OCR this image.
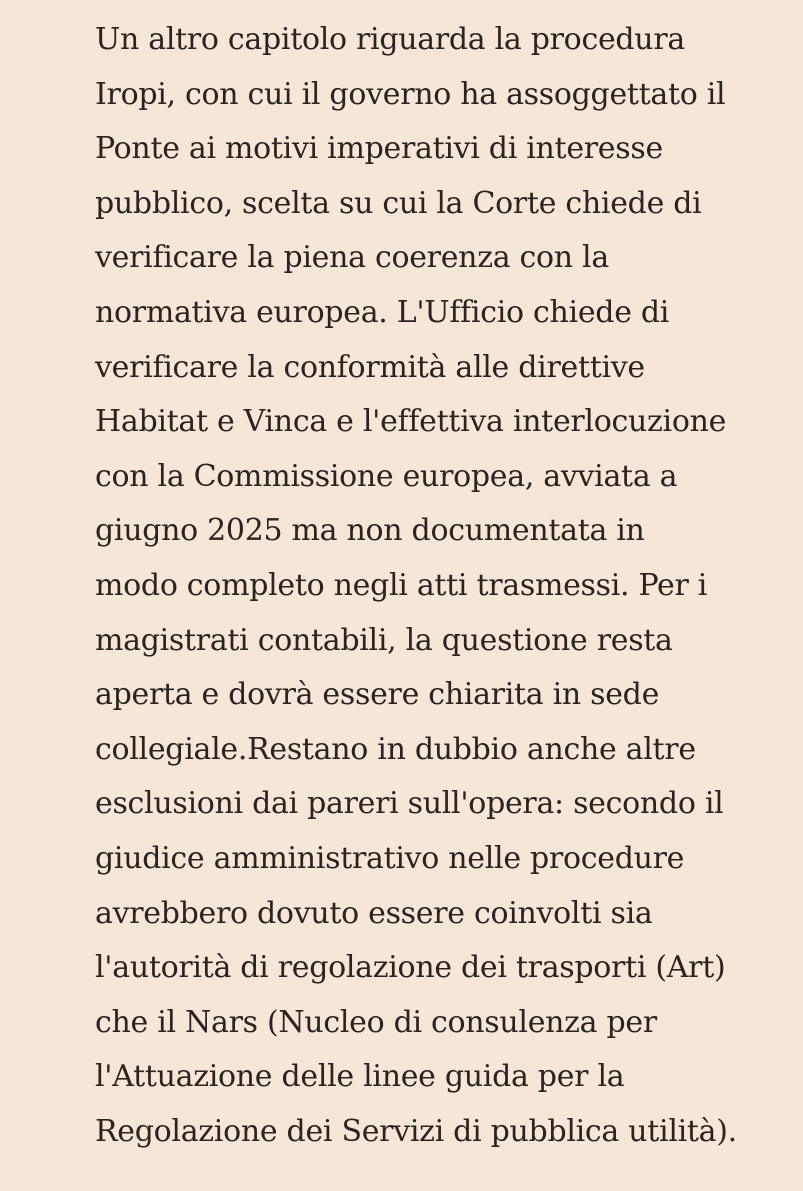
Un altro capitolo riguarda la procedura
Iropi, con cui il governo ha assoggettato il
Ponte ai motivi imperativi di interesse
pubblico, scelta su cui la Corte chiede di
verificare la piena coerenza con la
normativa europea. L'Ufficio chiede di
verificare la conformità alle direttive
Habitat e Vinca e l'effettiva interlocuzione
con la Commissione europea, avviata a
giugno 2025 ma non documentata in
modo completo negli atti trasmessi. Per i
magistrati contabili, la questione resta
aperta e dovrà essere chiarita in sede
collegiale.Restano in dubbio anche altre
esclusioni dai pareri sull'opera: secondo il
giudice amministrativo nelle procedure
avrebbero dovuto essere coinvolti sia
l'autorità di regolazione dei trasporti (Art)
che il Nars (Nucleo di consulenza per
l'Attuazione delle linee guida per la
Regolazione dei Servizi di pubblica utilità).
